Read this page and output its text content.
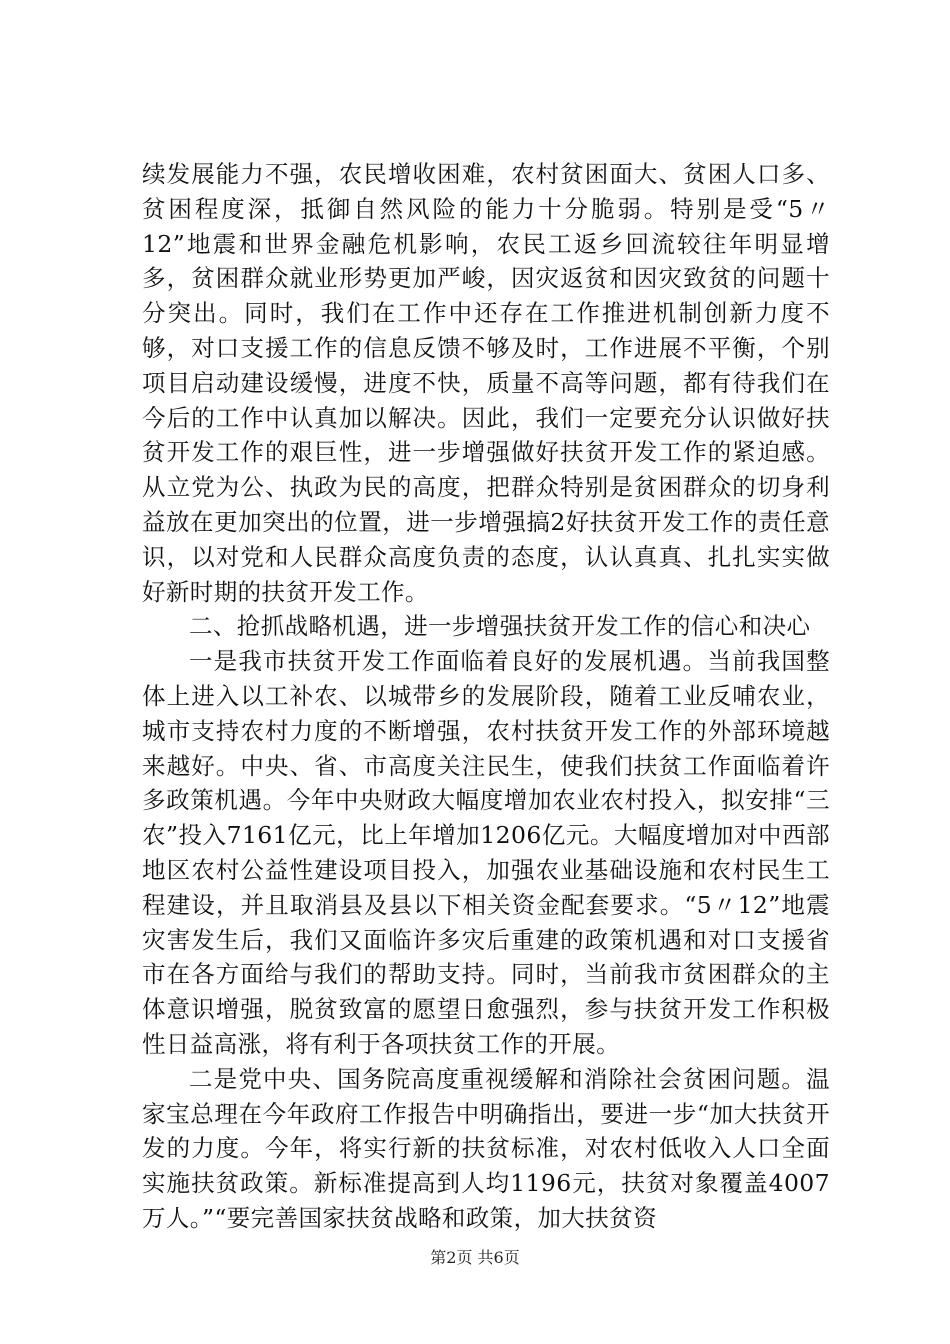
续发展能力不强，农民增收困难，农村贫困面大、贫困人口多、贫困程度深，抵御自然风险的能力十分脆弱。特别是受“5〃12”地震和世界金融危机影响，农民工返乡回流较往年明显增多，贫困群众就业形势更加严峻，因灾返贫和因灾致贫的问题十分突出。同时，我们在工作中还存在工作推进机制创新力度不够，对口支援工作的信息反馈不够及时，工作进展不平衡，个别项目启动建设缓慢，进度不快，质量不高等问题，都有待我们在今后的工作中认真加以解决。因此，我们一定要充分认识做好扶贫开发工作的艰巨性，进一步增强做好扶贫开发工作的紧迫感。从立党为公、执政为民的高度，把群众特别是贫困群众的切身利益放在更加突出的位置，进一步增强搞2好扶贫开发工作的责任意识，以对党和人民群众高度负责的态度，认认真真、扎扎实实做好新时期的扶贫开发工作。

二、抢抓战略机遇，进一步增强扶贫开发工作的信心和决心

一是我市扶贫开发工作面临着良好的发展机遇。当前我国整体上进入以工补农、以城带乡的发展阶段，随着工业反哺农业，城市支持农村力度的不断增强，农村扶贫开发工作的外部环境越来越好。中央、省、市高度关注民生，使我们扶贫工作面临着许多政策机遇。今年中央财政大幅度增加农业农村投入，拟安排“三农”投入7161亿元，比上年增加1206亿元。大幅度增加对中西部地区农村公益性建设项目投入，加强农业基础设施和农村民生工程建设，并且取消县及县以下相关资金配套要求。“5〃12”地震灾害发生后，我们又面临许多灾后重建的政策机遇和对口支援省市在各方面给与我们的帮助支持。同时，当前我市贫困群众的主体意识增强，脱贫致富的愿望日愈强烈，参与扶贫开发工作积极性日益高涨，将有利于各项扶贫工作的开展。

二是党中央、国务院高度重视缓解和消除社会贫困问题。温家宝总理在今年政府工作报告中明确指出，要进一步“加大扶贫开发的力度。今年，将实行新的扶贫标准，对农村低收入人口全面实施扶贫政策。新标准提高到人均1196元，扶贫对象覆盖4007万人。”“要完善国家扶贫战略和政策，加大扶贫资

第2页 共6页
